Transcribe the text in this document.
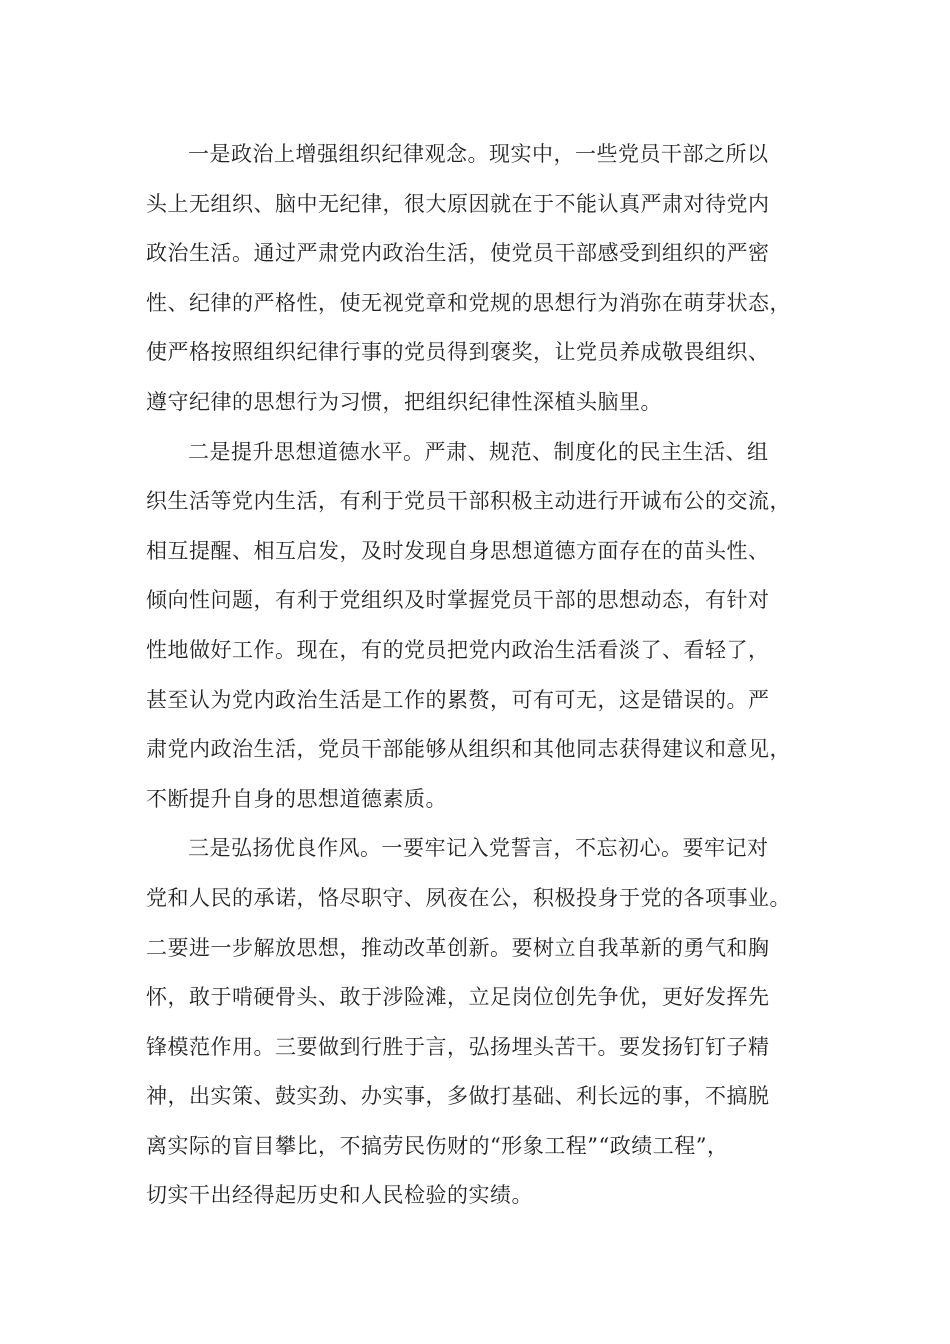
一是政治上增强组织纪律观念。现实中，一些党员干部之所以
头上无组织、脑中无纪律，很大原因就在于不能认真严肃对待党内
政治生活。通过严肃党内政治生活，使党员干部感受到组织的严密
性、纪律的严格性，使无视党章和党规的思想行为消弥在萌芽状态，
使严格按照组织纪律行事的党员得到褒奖，让党员养成敬畏组织、
遵守纪律的思想行为习惯，把组织纪律性深植头脑里。

二是提升思想道德水平。严肃、规范、制度化的民主生活、组
织生活等党内生活，有利于党员干部积极主动进行开诚布公的交流，
相互提醒、相互启发，及时发现自身思想道德方面存在的苗头性、
倾向性问题，有利于党组织及时掌握党员干部的思想动态，有针对
性地做好工作。现在，有的党员把党内政治生活看淡了、看轻了，
甚至认为党内政治生活是工作的累赘，可有可无，这是错误的。严
肃党内政治生活，党员干部能够从组织和其他同志获得建议和意见，
不断提升自身的思想道德素质。

三是弘扬优良作风。一要牢记入党誓言，不忘初心。要牢记对
党和人民的承诺，恪尽职守、夙夜在公，积极投身于党的各项事业。
二要进一步解放思想，推动改革创新。要树立自我革新的勇气和胸
怀，敢于啃硬骨头、敢于涉险滩，立足岗位创先争优，更好发挥先
锋模范作用。三要做到行胜于言，弘扬埋头苦干。要发扬钉钉子精
神，出实策、鼓实劲、办实事，多做打基础、利长远的事，不搞脱
离实际的盲目攀比，不搞劳民伤财的“形象工程”“政绩工程”，
切实干出经得起历史和人民检验的实绩。
